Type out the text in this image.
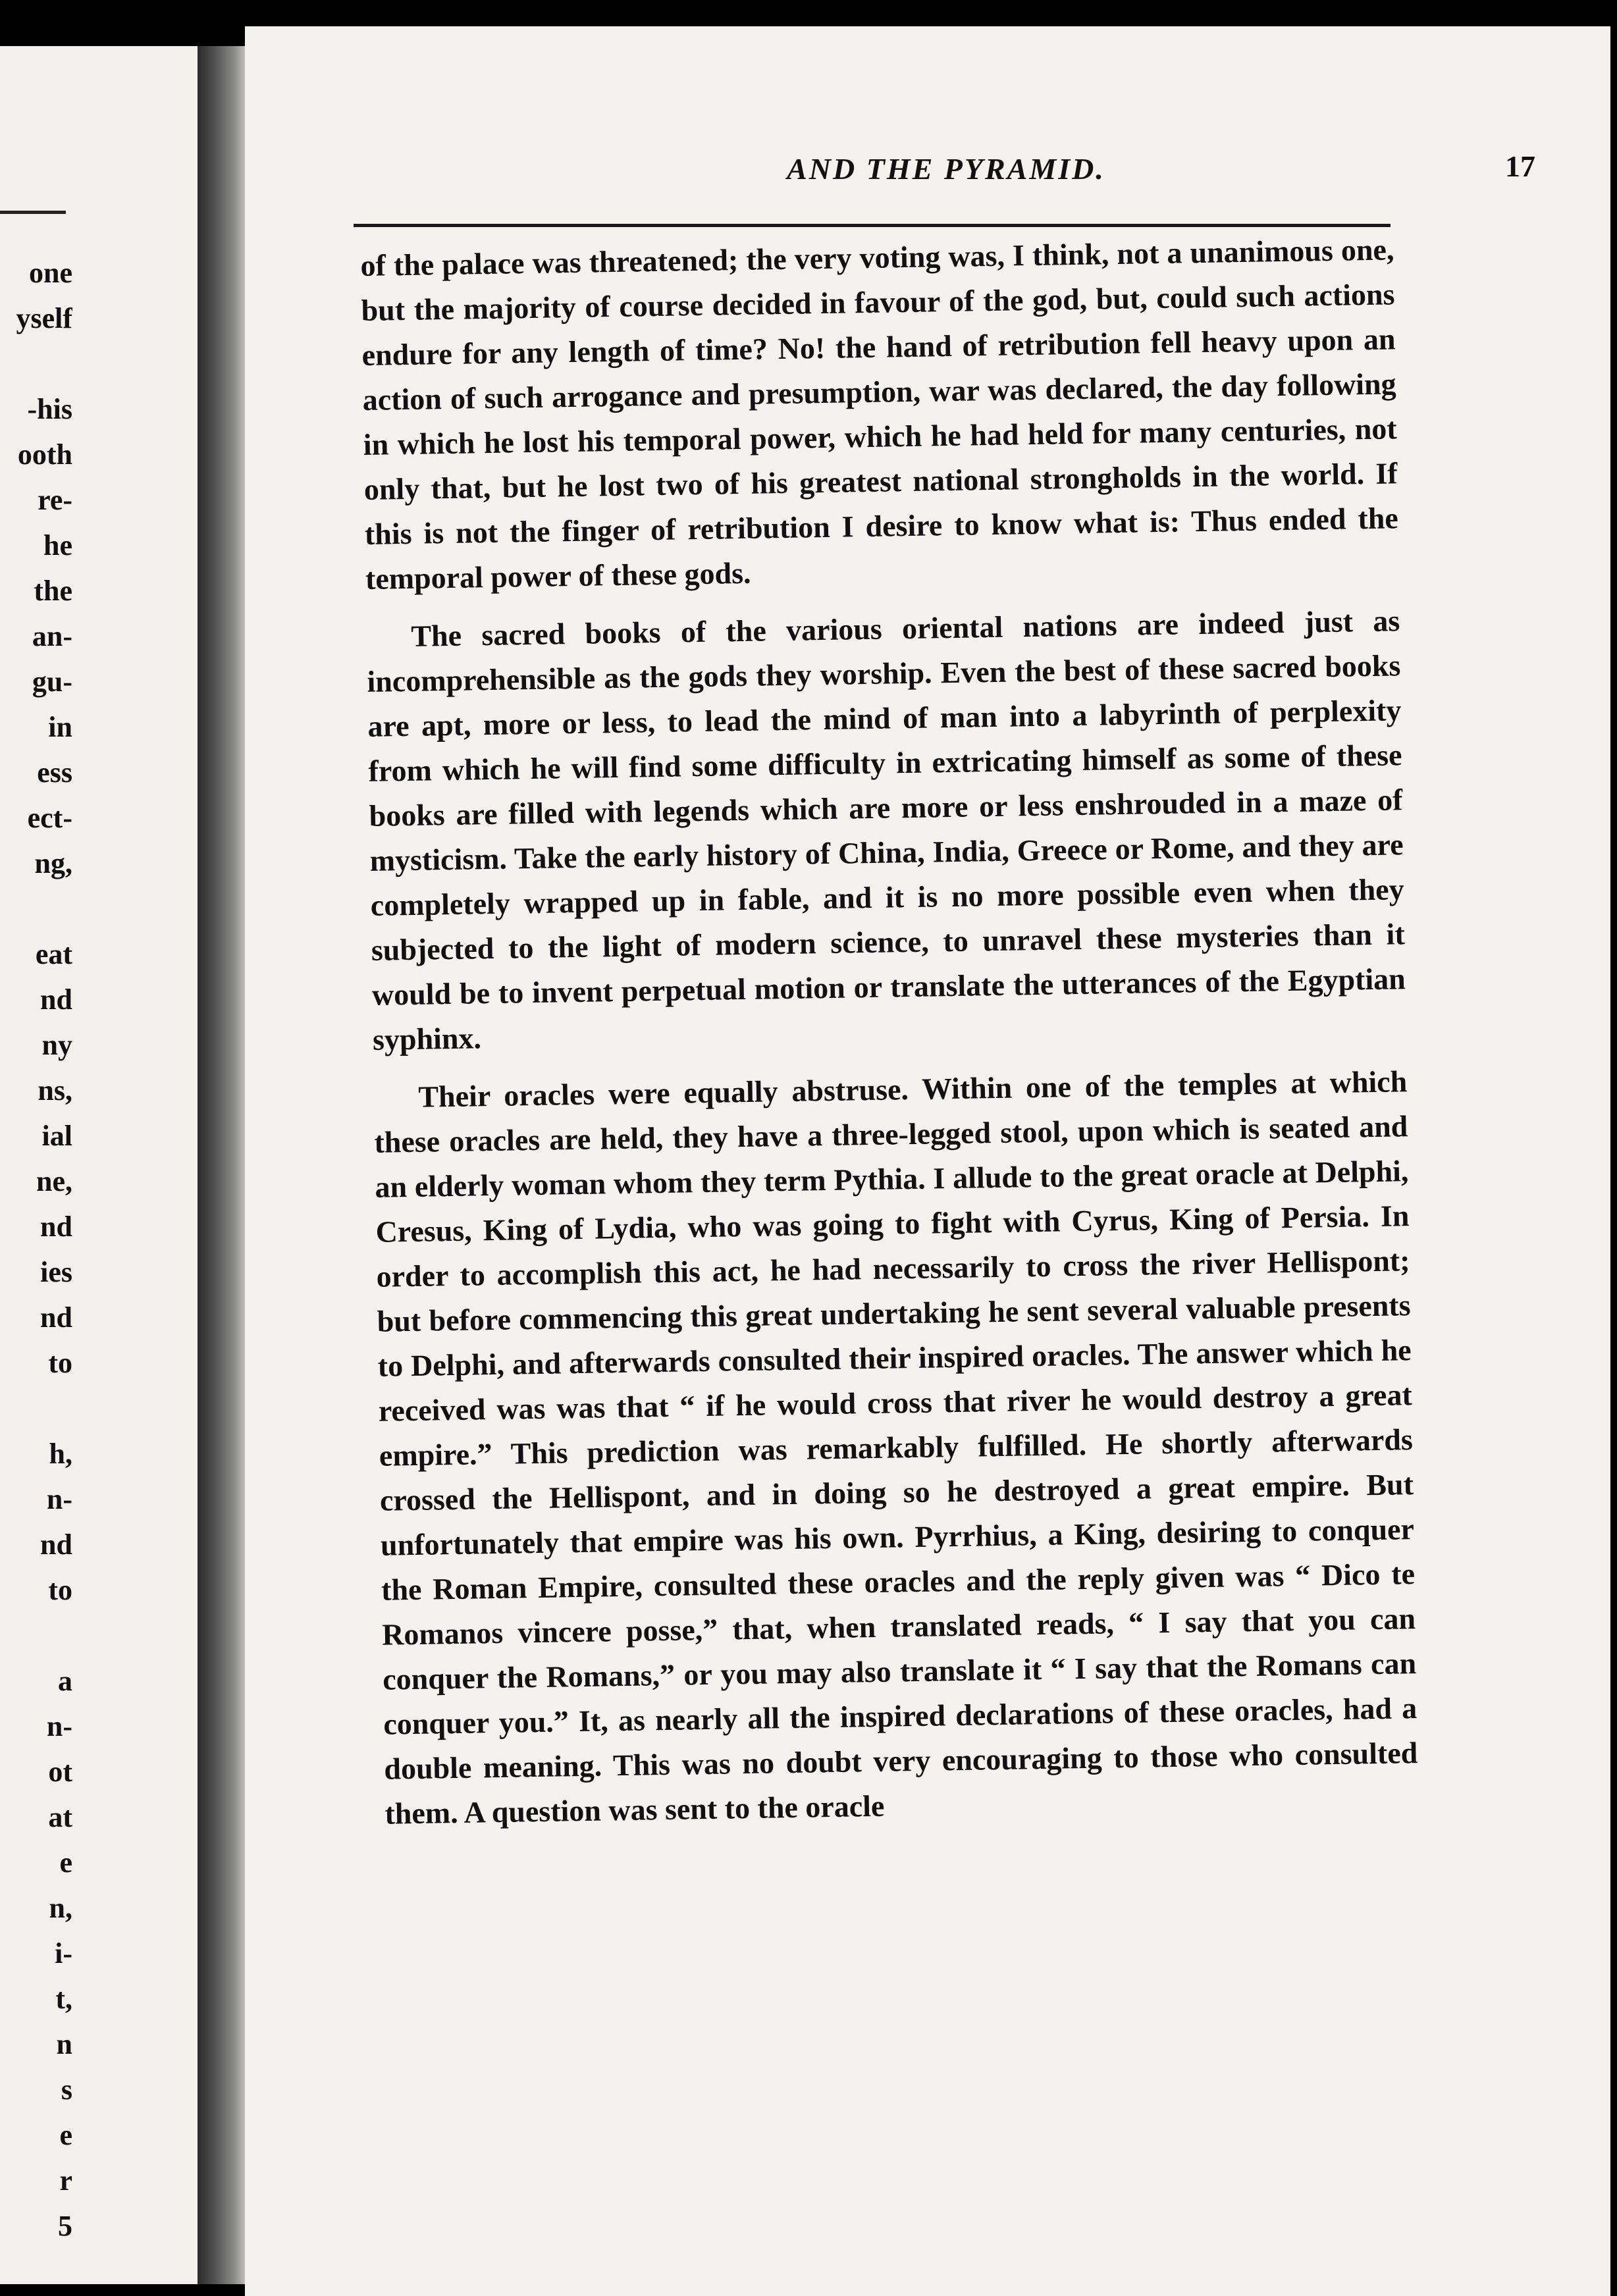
one
yself
-his
ooth
re-
he
the
an-
gu-
in
ess
ect-
ng,
eat
nd
ny
ns,
ial
ne,
nd
ies
nd
to
h,
n-
nd
to
a
n-
ot
at
e
n,
i-
t,
n
s
e
r
5
AND THE PYRAMID.	17

of the palace was threatened; the very voting was, I think, not a unanimous one, but the majority of course decided in favour of the god, but, could such actions endure for any length of time? No! the hand of retribution fell heavy upon an action of such arrogance and presumption, war was declared, the day following in which he lost his temporal power, which he had held for many centuries, not only that, but he lost two of his greatest national strongholds in the world. If this is not the finger of retribution I desire to know what is: Thus ended the temporal power of these gods.

The sacred books of the various oriental nations are indeed just as incomprehensible as the gods they worship. Even the best of these sacred books are apt, more or less, to lead the mind of man into a labyrinth of perplexity from which he will find some difficulty in extricating himself as some of these books are filled with legends which are more or less enshrouded in a maze of mysticism. Take the early history of China, India, Greece or Rome, and they are completely wrapped up in fable, and it is no more possible even when they subjected to the light of modern science, to unravel these mysteries than it would be to invent perpetual motion or translate the utterances of the Egyptian syphinx.

Their oracles were equally abstruse. Within one of the temples at which these oracles are held, they have a three-legged stool, upon which is seated and an elderly woman whom they term Pythia. I allude to the great oracle at Delphi, Cresus, King of Lydia, who was going to fight with Cyrus, King of Persia. In order to accomplish this act, he had necessarily to cross the river Hellispont; but before commencing this great undertaking he sent several valuable presents to Delphi, and afterwards consulted their inspired oracles. The answer which he received was was that “ if he would cross that river he would destroy a great empire.” This prediction was remarkably fulfilled. He shortly afterwards crossed the Hellispont, and in doing so he destroyed a great empire. But unfortunately that empire was his own. Pyrrhius, a King, desiring to conquer the Roman Empire, consulted these oracles and the reply given was “ Dico te Romanos vincere posse,” that, when translated reads, “ I say that you can conquer the Romans,” or you may also translate it “ I say that the Romans can conquer you.” It, as nearly all the inspired declarations of these oracles, had a double meaning. This was no doubt very encouraging to those who consulted them. A question was sent to the oracle
